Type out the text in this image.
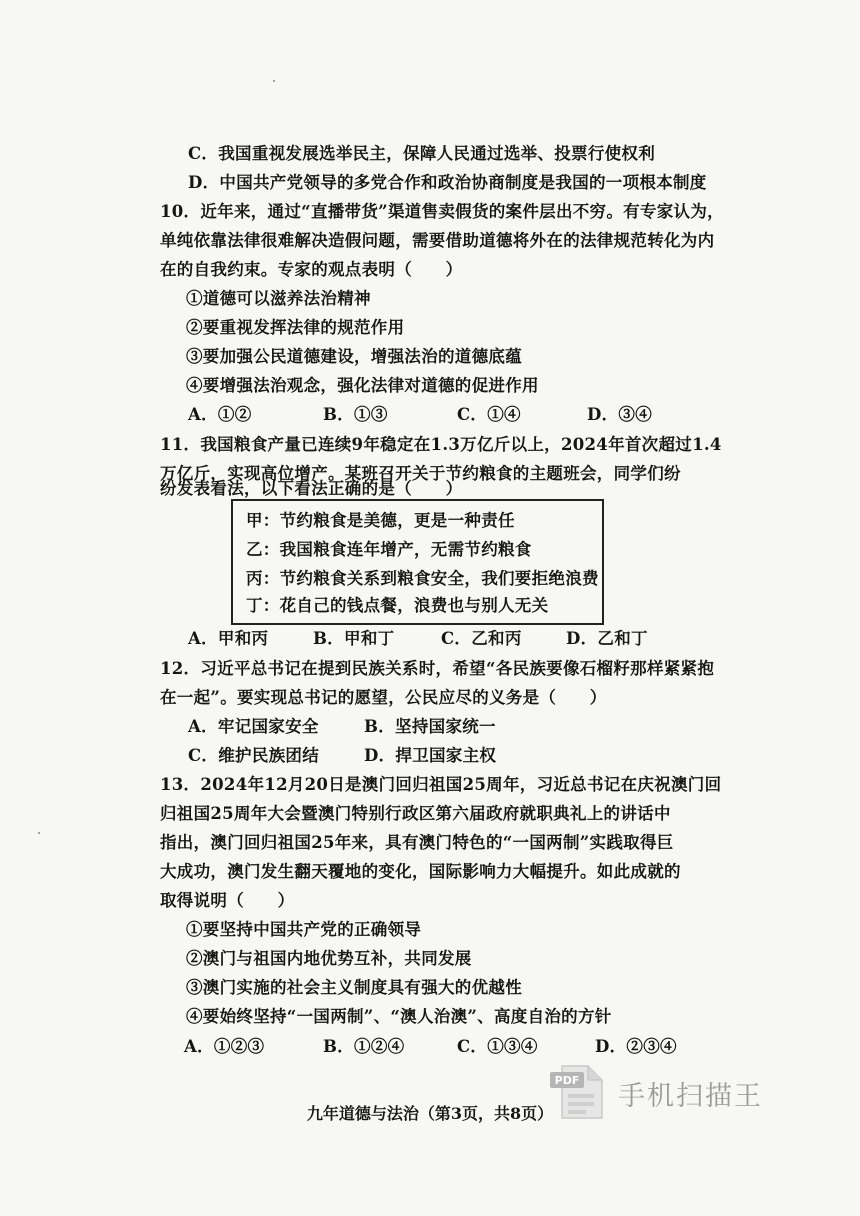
C．我国重视发展选举民主，保障人民通过选举、投票行使权利
D．中国共产党领导的多党合作和政治协商制度是我国的一项根本制度
10．近年来，通过“直播带货”渠道售卖假货的案件层出不穷。有专家认为，
单纯依靠法律很难解决造假问题，需要借助道德将外在的法律规范转化为内
在的自我约束。专家的观点表明（　　）
①道德可以滋养法治精神
②要重视发挥法律的规范作用
③要加强公民道德建设，增强法治的道德底蕴
④要增强法治观念，强化法律对道德的促进作用
A．①②	B．①③	C．①④	D．③④
11．我国粮食产量已连续9年稳定在1.3万亿斤以上，2024年首次超过1.4
万亿斤，实现高位增产。某班召开关于节约粮食的主题班会，同学们纷
纷发表看法，以下看法正确的是（　　）
甲：节约粮食是美德，更是一种责任
乙：我国粮食连年增产，无需节约粮食
丙：节约粮食关系到粮食安全，我们要拒绝浪费
丁：花自己的钱点餐，浪费也与别人无关
A．甲和丙	B．甲和丁	C．乙和丙	D．乙和丁
12．习近平总书记在提到民族关系时，希望“各民族要像石榴籽那样紧紧抱
在一起”。要实现总书记的愿望，公民应尽的义务是（　　）
A．牢记国家安全	B．坚持国家统一
C．维护民族团结	D．捍卫国家主权
13．2024年12月20日是澳门回归祖国25周年，习近总书记在庆祝澳门回
归祖国25周年大会暨澳门特别行政区第六届政府就职典礼上的讲话中
指出，澳门回归祖国25年来，具有澳门特色的“一国两制”实践取得巨
大成功，澳门发生翻天覆地的变化，国际影响力大幅提升。如此成就的
取得说明（　　）
①要坚持中国共产党的正确领导
②澳门与祖国内地优势互补，共同发展
③澳门实施的社会主义制度具有强大的优越性
④要始终坚持“一国两制”、“澳人治澳”、高度自治的方针
A．①②③	B．①②④	C．①③④	D．②③④
PDF
手机扫描王
九年道德与法治（第3页，共8页）
